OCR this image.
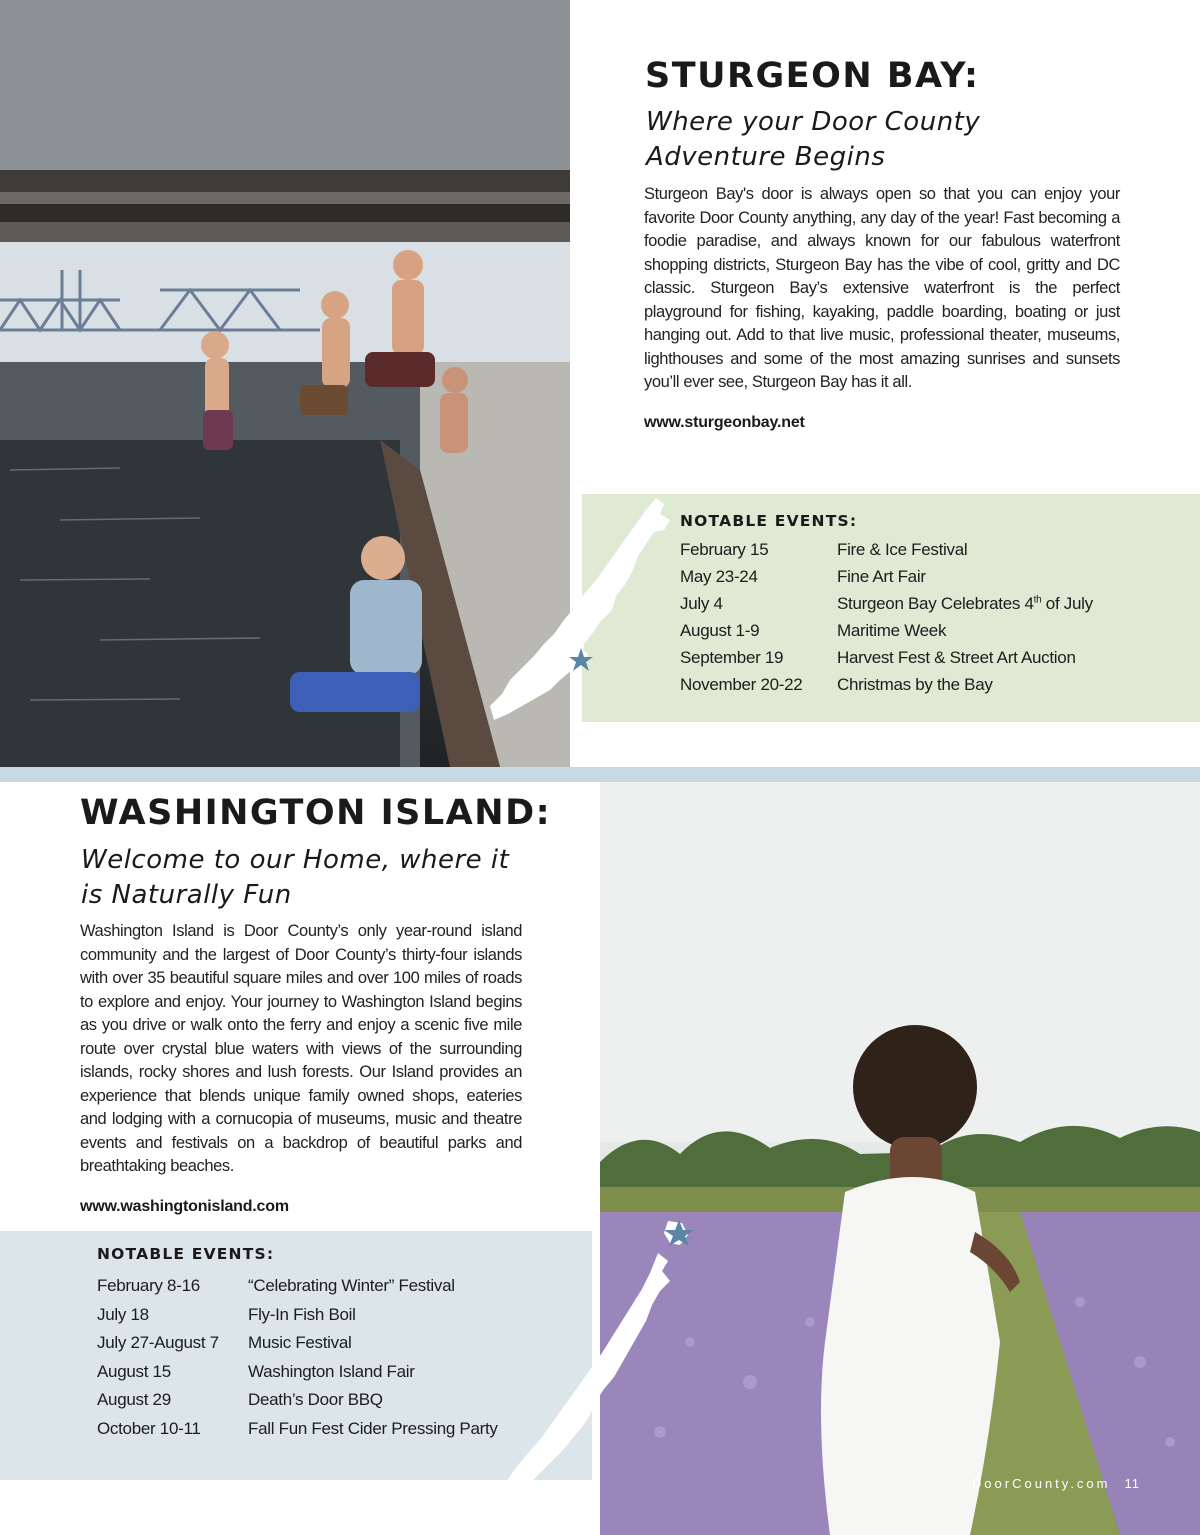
STURGEON BAY:

Where your Door County
Adventure Begins

Sturgeon Bay's door is always open so that you can enjoy your favorite Door County anything, any day of the year! Fast becoming a foodie paradise, and always known for our fabulous waterfront shopping districts, Sturgeon Bay has the vibe of cool, gritty and DC classic. Sturgeon Bay’s extensive waterfront is the perfect playground for fishing, kayaking, paddle boarding, boating or just hanging out. Add to that live music, professional theater, museums, lighthouses and some of the most amazing sunrises and sunsets you’ll ever see, Sturgeon Bay has it all.

www.sturgeonbay.net

NOTABLE EVENTS:
February 15	Fire & Ice Festival
May 23-24	Fine Art Fair
July 4	Sturgeon Bay Celebrates 4th of July
August 1-9	Maritime Week
September 19	Harvest Fest & Street Art Auction
November 20-22 Christmas by the Bay
WASHINGTON ISLAND:

Welcome to our Home, where it
is Naturally Fun

Washington Island is Door County’s only year-round island community and the largest of Door County’s thirty-four islands with over 35 beautiful square miles and over 100 miles of roads to explore and enjoy. Your journey to Washington Island begins as you drive or walk onto the ferry and enjoy a scenic five mile route over crystal blue waters with views of the surrounding islands, rocky shores and lush forests. Our Island provides an experience that blends unique family owned shops, eateries and lodging with a cornucopia of museums, music and theatre events and festivals on a backdrop of beautiful parks and breathtaking beaches.

www.washingtonisland.com

NOTABLE EVENTS:
February 8-16	“Celebrating Winter” Festival
July 18	Fly-In Fish Boil
July 27-August 7 Music Festival
August 15	Washington Island Fair
August 29	Death’s Door BBQ
October 10-11	Fall Fun Fest Cider Pressing Party
DoorCounty.com 11
